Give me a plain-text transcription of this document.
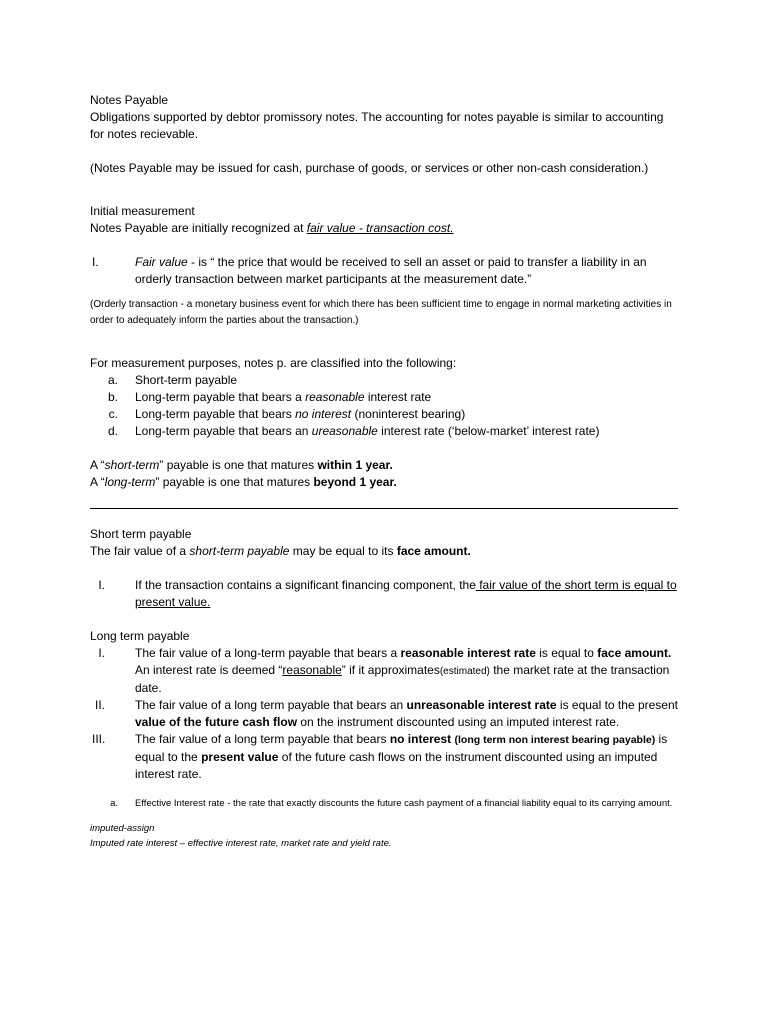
Notes Payable

Obligations supported by debtor promissory notes. The accounting for notes payable is similar to accounting for notes recievable.

(Notes Payable may be issued for cash, purchase of goods, or services or other non-cash consideration.)

Initial measurement

Notes Payable are initially recognized at fair value - transaction cost.

I.	Fair value - is “ the price that would be received to sell an asset or paid to transfer a liability in an orderly transaction between market participants at the measurement date.”

(Orderly transaction - a monetary business event for which there has been sufficient time to engage in normal marketing activities in order to adequately inform the parties about the transaction.)

For measurement purposes, notes p. are classified into the following:

a.	Short-term payable
b.	Long-term payable that bears a reasonable interest rate
c.	Long-term payable that bears no interest (noninterest bearing)
d.	Long-term payable that bears an ureasonable interest rate (‘below-market’ interest rate)

A “short-term” payable is one that matures within 1 year.

A “long-term” payable is one that matures beyond 1 year.

Short term payable

The fair value of a short-term payable may be equal to its face amount.

I.	If the transaction contains a significant financing component, the fair value of the short term is equal to present value.

Long term payable

I.	The fair value of a long-term payable that bears a reasonable interest rate is equal to face amount. An interest rate is deemed “reasonable” if it approximates(estimated) the market rate at the transaction date.
II.	The fair value of a long term payable that bears an unreasonable interest rate is equal to the present value of the future cash flow on the instrument discounted using an imputed interest rate.
III.	The fair value of a long term payable that bears no interest (long term non interest bearing payable) is equal to the present value of the future cash flows on the instrument discounted using an imputed interest rate.
a.	Effective Interest rate - the rate that exactly discounts the future cash payment of a financial liability equal to its carrying amount.

imputed-assign

Imputed rate interest – effective interest rate, market rate and yield rate.
